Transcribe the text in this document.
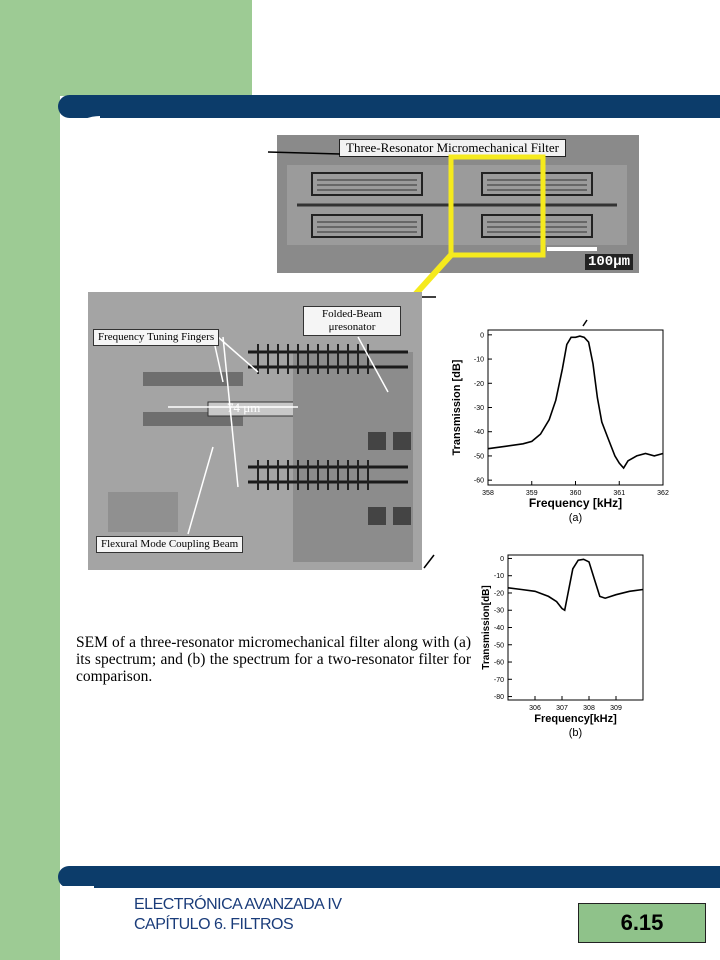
Three-Resonator Micromechanical Filter
100μm
Folded-Beam μresonator
Frequency Tuning Fingers
74 μm
Flexural Mode Coupling Beam
358	359	360	361	362
0
-10
-20
-30
-40
-50
-60
Frequency [kHz]
Transmission [dB]
(a)
306 307 308 309
0
-10
-20
-30
-40
-50
-60
-70
-80
Frequency[kHz]
Transmission[dB]
(b)

SEM of a three-resonator micromechanical filter along with (a) its spectrum; and (b) the spectrum for a two-resonator filter for comparison.

ELECTRÓNICA AVANZADA IV
CAPÍTULO 6. FILTROS	6.15
